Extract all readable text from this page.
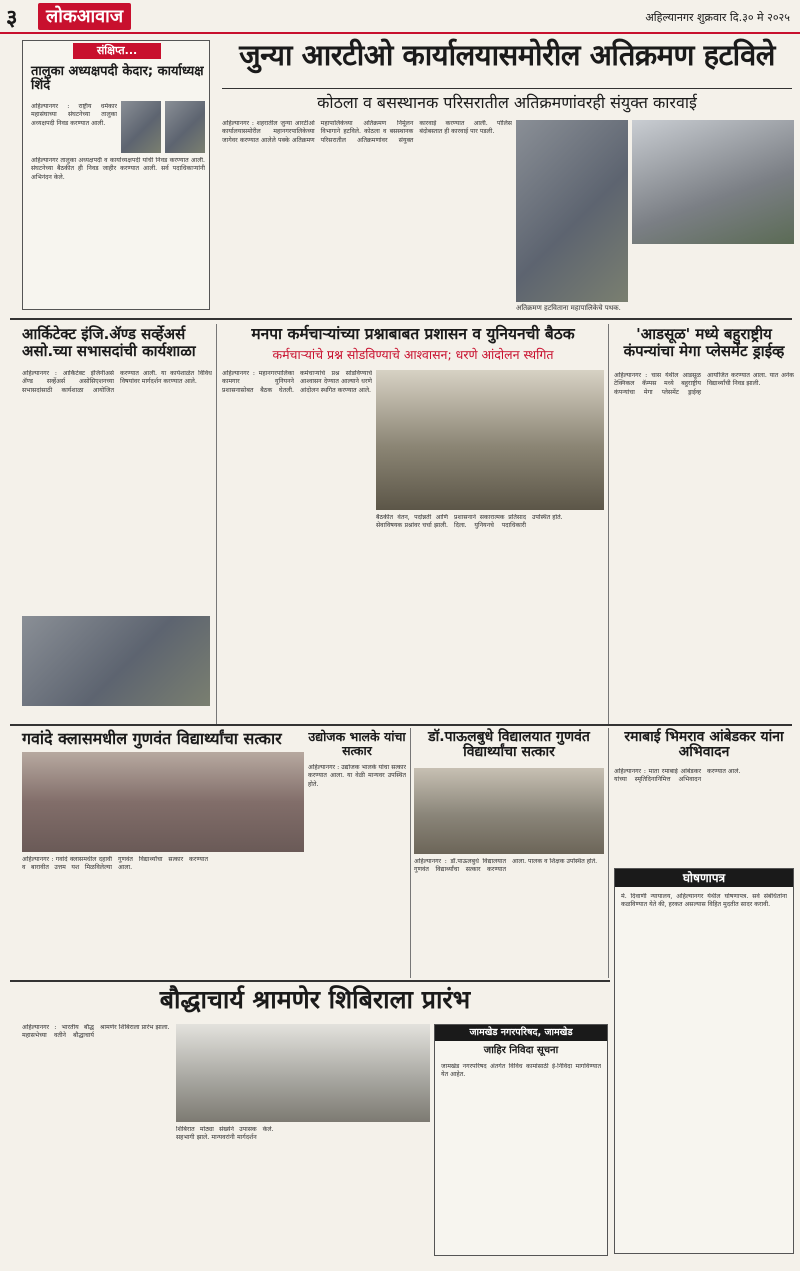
३	लोकआवाज	अहिल्यानगर शुक्रवार दि.३० मे २०२५
संक्षिप्त...
तालुका अध्यक्षपदी केदार; कार्याध्यक्ष शिंदे
अहिल्यानगर : राष्ट्रीय धर्मकार महासंघाच्या संघटनेच्या तालुका अध्यक्षपदी निवड करण्यात आली.
अहिल्यानगर तालुका अध्यक्षपदी व कार्याध्यक्षपदी यांची निवड करण्यात आली. संघटनेच्या बैठकीत ही निवड जाहीर करण्यात आली. सर्व पदाधिकाऱ्यांनी अभिनंदन केले.
जुन्या आरटीओ कार्यालयासमोरील अतिक्रमण हटविले
कोठला व बसस्थानक परिसरातील अतिक्रमणांवरही संयुक्त कारवाई
अहिल्यानगर : शहरातील जुन्या आरटीओ कार्यालयासमोरील महानगरपालिकेच्या जागेवर करण्यात आलेले पक्के अतिक्रमण महापालिकेच्या अतिक्रमण निर्मूलन विभागाने हटविले. कोठला व बसस्थानक परिसरातील अतिक्रमणांवर संयुक्त कारवाई करण्यात आली. पोलिस बंदोबस्तात ही कारवाई पार पडली.
अतिक्रमण हटविताना महापालिकेचे पथक.
आर्किटेक्ट इंजि.ॲण्ड सर्व्हेअर्स असो.च्या सभासदांची कार्यशाळा
अहिल्यानगर : आर्किटेक्ट इंजिनीअर्स ॲण्ड सर्व्हेअर्स असोसिएशनच्या सभासदांसाठी कार्यशाळा आयोजित करण्यात आली. या कार्यशाळेत विविध विषयांवर मार्गदर्शन करण्यात आले.
मनपा कर्मचाऱ्यांच्या प्रश्नाबाबत प्रशासन व युनियनची बैठक
कर्मचाऱ्यांचे प्रश्न सोडविण्याचे आश्वासन; धरणे आंदोलन स्थगित
अहिल्यानगर : महानगरपालिका कामगार युनियनने प्रशासनासोबत बैठक घेतली. कर्मचाऱ्यांचे प्रश्न सोडविण्याचे आश्वासन देण्यात आल्याने धरणे आंदोलन स्थगित करण्यात आले.
बैठकीत वेतन, पदोन्नती आणि सेवाविषयक प्रश्नांवर चर्चा झाली. प्रशासनाने सकारात्मक प्रतिसाद दिला. युनियनचे पदाधिकारी उपस्थित होते.
'आडसूळ' मध्ये बहुराष्ट्रीय कंपन्यांचा मेगा प्लेसमेंट ड्राईव्ह
अहिल्यानगर : चास येथील आडसूळ टेक्निकल कॅम्पस मध्ये बहुराष्ट्रीय कंपन्यांचा मेगा प्लेसमेंट ड्राईव्ह आयोजित करण्यात आला. यात अनेक विद्यार्थ्यांची निवड झाली.
गवांदे क्लासमधील गुणवंत विद्यार्थ्यांचा सत्कार
अहिल्यानगर : गवांदे क्लासमधील दहावी व बारावीत उत्तम यश मिळविलेल्या गुणवंत विद्यार्थ्यांचा सत्कार करण्यात आला.
उद्योजक भालके यांचा सत्कार
अहिल्यानगर : उद्योजक भालके यांचा सत्कार करण्यात आला. या वेळी मान्यवर उपस्थित होते.
डॉ.पाऊलबुधे विद्यालयात गुणवंत विद्यार्थ्यांचा सत्कार
अहिल्यानगर : डॉ.पाऊलबुधे विद्यालयात गुणवंत विद्यार्थ्यांचा सत्कार करण्यात आला. पालक व शिक्षक उपस्थित होते.
रमाबाई भिमराव आंबेडकर यांना अभिवादन
अहिल्यानगर : माता रमाबाई आंबेडकर यांच्या स्मृतिदिनानिमित्त अभिवादन करण्यात आले.
घोषणापत्र
मे. दिवाणी न्यायालय, अहिल्यानगर येथील घोषणापत्र. सर्व संबंधितांना कळविण्यात येते की, हरकत असल्यास विहित मुदतीत सादर करावी.
बौद्धाचार्य श्रामणेर शिबिराला प्रारंभ
अहिल्यानगर : भारतीय बौद्ध महासभेच्या वतीने बौद्धाचार्य श्रामणेर शिबिराला प्रारंभ झाला.
शिबिरात मोठ्या संख्येने उपासक सहभागी झाले. मान्यवरांनी मार्गदर्शन केले.
जामखेड नगरपरिषद, जामखेड
जाहिर निविदा सूचना
जामखेड नगरपरिषद अंतर्गत विविध कामांसाठी ई-निविदा मागविण्यात येत आहेत.
